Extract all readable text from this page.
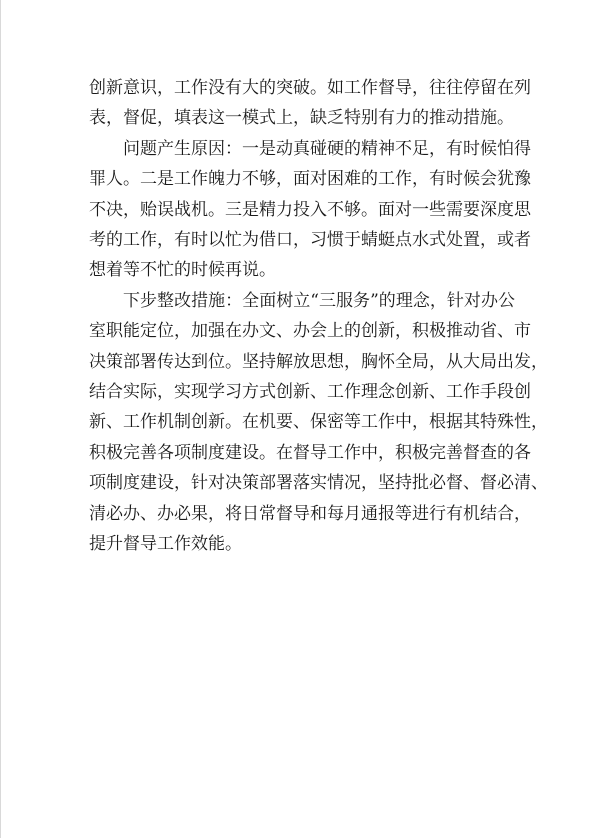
创新意识，工作没有大的突破。如工作督导，往往停留在列
表，督促，填表这一模式上，缺乏特别有力的推动措施。
问题产生原因：一是动真碰硬的精神不足，有时候怕得
罪人。二是工作魄力不够，面对困难的工作，有时候会犹豫
不决，贻误战机。三是精力投入不够。面对一些需要深度思
考的工作，有时以忙为借口，习惯于蜻蜓点水式处置，或者
想着等不忙的时候再说。
下步整改措施：全面树立“三服务”的理念，针对办公
室职能定位，加强在办文、办会上的创新，积极推动省、市
决策部署传达到位。坚持解放思想，胸怀全局，从大局出发，
结合实际，实现学习方式创新、工作理念创新、工作手段创
新、工作机制创新。在机要、保密等工作中，根据其特殊性，
积极完善各项制度建设。在督导工作中，积极完善督查的各
项制度建设，针对决策部署落实情况，坚持批必督、督必清、
清必办、办必果，将日常督导和每月通报等进行有机结合，
提升督导工作效能。
